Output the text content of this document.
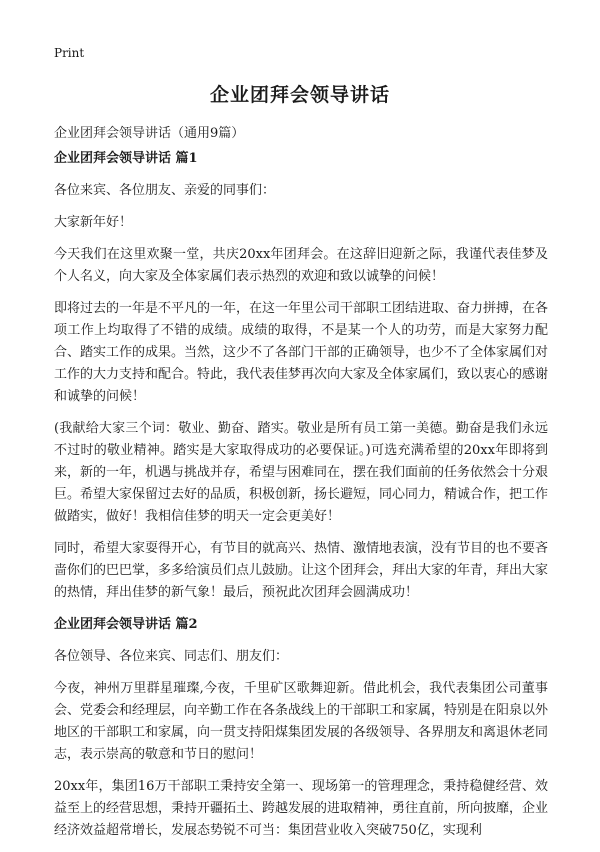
Print
企业团拜会领导讲话
企业团拜会领导讲话（通用9篇）
企业团拜会领导讲话 篇1

各位来宾、各位朋友、亲爱的同事们：

大家新年好！

今天我们在这里欢聚一堂，共庆20xx年团拜会。在这辞旧迎新之际，我谨代表佳梦及个人名义，向大家及全体家属们表示热烈的欢迎和致以诚挚的问候！

即将过去的一年是不平凡的一年，在这一年里公司干部职工团结进取、奋力拼搏，在各项工作上均取得了不错的成绩。成绩的取得，不是某一个人的功劳，而是大家努力配合、踏实工作的成果。当然，这少不了各部门干部的正确领导，也少不了全体家属们对工作的大力支持和配合。特此，我代表佳梦再次向大家及全体家属们，致以衷心的感谢和诚挚的问候！

(我献给大家三个词：敬业、勤奋、踏实。敬业是所有员工第一美德。勤奋是我们永远不过时的敬业精神。踏实是大家取得成功的必要保证。)可选充满希望的20xx年即将到来，新的一年，机遇与挑战并存，希望与困难同在，摆在我们面前的任务依然会十分艰巨。希望大家保留过去好的品质，积极创新，扬长避短，同心同力，精诚合作，把工作做踏实，做好！我相信佳梦的明天一定会更美好！

同时，希望大家耍得开心，有节目的就高兴、热情、激情地表演，没有节目的也不要吝啬你们的巴巴掌，多多给演员们点儿鼓励。让这个团拜会，拜出大家的年青，拜出大家的热情，拜出佳梦的新气象！最后，预祝此次团拜会圆满成功！

企业团拜会领导讲话 篇2

各位领导、各位来宾、同志们、朋友们：

今夜，神州万里群星璀璨,今夜，千里矿区歌舞迎新。借此机会，我代表集团公司董事会、党委会和经理层，向辛勤工作在各条战线上的干部职工和家属，特别是在阳泉以外地区的干部职工和家属，向一贯支持阳煤集团发展的各级领导、各界朋友和离退休老同志，表示崇高的敬意和节日的慰问！

20xx年，集团16万干部职工秉持安全第一、现场第一的管理理念，秉持稳健经营、效益至上的经营思想，秉持开疆拓土、跨越发展的进取精神，勇往直前，所向披靡，企业经济效益超常增长，发展态势锐不可当：集团营业收入突破750亿，实现利
